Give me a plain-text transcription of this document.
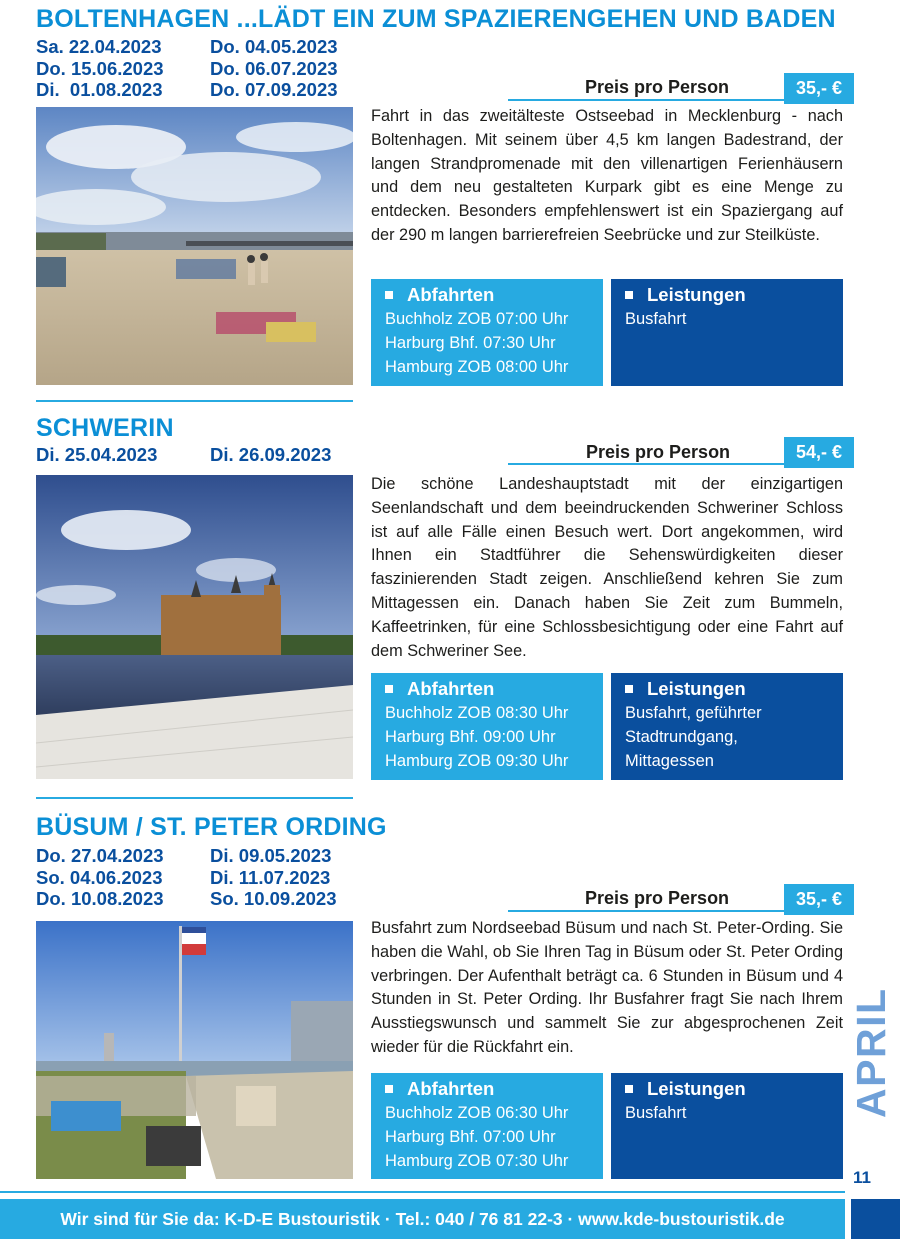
BOLTENHAGEN ...LÄDT EIN ZUM SPAZIERENGEHEN UND BADEN
Sa. 22.04.2023	Do. 04.05.2023
Do. 15.06.2023	Do. 06.07.2023
Di.  01.08.2023	Do. 07.09.2023	Preis pro Person	35,- €
Fahrt in das zweitälteste Ostseebad in Mecklenburg - nach Boltenhagen. Mit seinem über 4,5 km langen Badestrand, der langen Strandpromenade mit den villenartigen Ferienhäusern und dem neu gestalteten Kurpark gibt es eine Menge zu entdecken. Besonders empfehlenswert ist ein Spaziergang auf der 290 m langen barrierefreien Seebrücke und zur Steilküste.
Abfahrten
Buchholz ZOB 07:00 Uhr
Harburg Bhf. 07:30 Uhr
Hamburg ZOB 08:00 Uhr
Leistungen
Busfahrt
SCHWERIN
Di. 25.04.2023	Di. 26.09.2023	Preis pro Person	54,- €
Die schöne Landeshauptstadt mit der einzigartigen Seenlandschaft und dem beeindruckenden Schweriner Schloss ist auf alle Fälle einen Besuch wert. Dort angekommen, wird Ihnen ein Stadtführer die Sehenswürdigkeiten dieser faszinierenden Stadt zeigen. Anschließend kehren Sie zum Mittagessen ein. Danach haben Sie Zeit zum Bummeln, Kaffeetrinken, für eine Schlossbesichtigung oder eine Fahrt auf dem Schweriner See.
Abfahrten
Buchholz ZOB 08:30 Uhr
Harburg Bhf. 09:00 Uhr
Hamburg ZOB 09:30 Uhr
Leistungen
Busfahrt, geführter
Stadtrundgang,
Mittagessen
BÜSUM / ST. PETER ORDING
Do. 27.04.2023	Di. 09.05.2023
So. 04.06.2023	Di. 11.07.2023
Do. 10.08.2023	So. 10.09.2023	Preis pro Person	35,- €
Busfahrt zum Nordseebad Büsum und nach St. Peter-Ording. Sie haben die Wahl, ob Sie Ihren Tag in Büsum oder St. Peter Ording verbringen. Der Aufenthalt beträgt ca. 6 Stunden in Büsum und 4 Stunden in St. Peter Ording. Ihr Busfahrer fragt Sie nach Ihrem Ausstiegswunsch und sammelt Sie zur abgesprochenen Zeit wieder für die Rückfahrt ein.
Abfahrten
Buchholz ZOB 06:30 Uhr
Harburg Bhf. 07:00 Uhr
Hamburg ZOB 07:30 Uhr
Leistungen
Busfahrt	APRIL
11
Wir sind für Sie da: K-D-E Bustouristik · Tel.: 040 / 76 81 22-3 · www.kde-bustouristik.de
